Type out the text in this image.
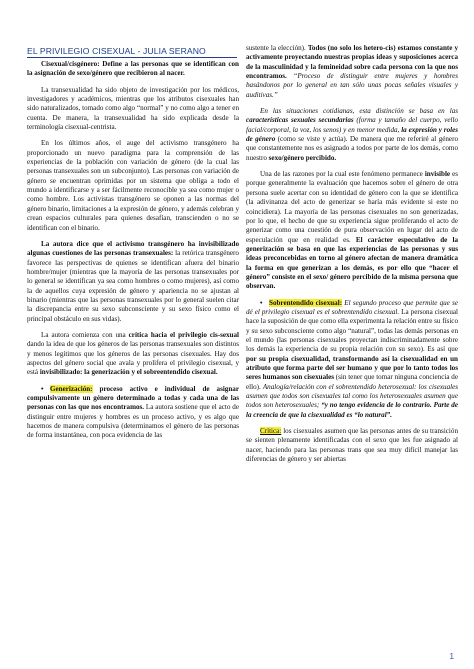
EL PRIVILEGIO CISEXUAL - JULIA SERANO

Cisexual/cisgénero: Define a las personas que se identifican con la asignación de sexo/género que recibieron al nacer.

La transexualidad ha sido objeto de investigación por los médicos, investigadores y académicos, mientras que los atributos cisexuales han sido naturalizados, tomado como algo “normal” y no como algo a tener en cuenta. De manera, la transexualidad ha sido explicada desde la terminología cisexual-centrista.

En los últimos años, el auge del activismo transgénero ha proporcionado un nuevo paradigma para la comprensión de las experiencias de la población con variación de género (de la cual las personas transexuales son un subconjunto). Las personas con variación de género se encuentran oprimidas por un sistema que obliga a todo el mundo a identificarse y a ser fácilmente reconocible ya sea como mujer o como hombre. Los activistas transgénero se oponen a las normas del género binario, limitaciones a la expresión de género, y además celebran y crean espacios culturales para quienes desafían, transcienden o no se identifican con el binario.

La autora dice que el activismo transgénero ha invisibilizado algunas cuestiones de las personas transexuales: la retórica transgénero favorece las perspectivas de quienes se identifican afuera del binario hombre/mujer (mientras que la mayoría de las personas transexuales por lo general se identifican ya sea como hombres o como mujeres), así como la de aquellos cuya expresión de género y apariencia no se ajustan al binario (mientras que las personas transexuales por lo general suelen citar la discrepancia entre su sexo subconsciente y su sexo físico como el principal obstáculo en sus vidas).

La autora comienza con una crítica hacia el privilegio cis-sexual dando la idea de que los géneros de las personas transexuales son distintos y menos legítimos que los géneros de las personas cisexuales. Hay dos aspectos del género social que avala y prolifera el privilegio cisexual, y está invisibilizado: la generización y el sobreentendido cisexual.

• Generización: proceso activo e individual de asignar compulsivamente un género determinado a todas y cada una de las personas con las que nos encontramos. La autora sostiene que el acto de distinguir entre mujeres y hombres es un proceso activo, y es algo que hacemos de manera compulsiva (determinamos el género de las personas de forma instantánea, con poca evidencia de las

sustente la elección). Todos (no solo los hetero-cis) estamos constante y activamente proyectando nuestras propias ideas y suposiciones acerca de la masculinidad y la femineidad sobre cada persona con la que nos encontramos. “Proceso de distinguir entre mujeres y hombres basándonos por lo general en tan sólo unas pocas señales visuales y auditivas.”

En las situaciones cotidianas, esta distinción se basa en las características sexuales secundarias (forma y tamaño del cuerpo, vello facial/corporal, la voz, los senos) y en menor medida, la expresión y roles de género (como se viste y actúa). De manera que me referiré al género que constantemente nos es asignado a todos por parte de los demás, como nuestro sexo/género percibido.

Una de las razones por la cual este fenómeno permanece invisible es porque generalmente la evaluación que hacemos sobre el género de otra persona suele acertar con su identidad de género con la que se identifica (la adivinanza del acto de generizar se haría más evidente si este no coincidiera). La mayoría de las personas cisexuales no son generizadas, por lo que, el hecho de que su experiencia sigue proliferando el acto de generizar como una cuestión de pura observación en lugar del acto de especulación que en realidad es. El carácter especulativo de la generización se basa en que las experiencias de las personas y sus ideas preconcebidas en torno al género afectan de manera dramática la forma en que generizan a los demás, es por ello que “hacer el género” consiste en el sexo/ género percibido de la misma persona que observan.

• Sobrentendido cisexual: El segundo proceso que permite que se dé el privilegio cisexual es el sobrentendido cisexual. La persona cisexual hace la suposición de que como ella experimenta la relación entre su físico y su sexo subconsciente como algo “natural”, todas las demás personas en el mundo (las personas cisexuales proyectan indiscriminadamente sobre los demás la experiencia de su propia relación con su sexo). Es así que por su propia cisexualidad, transformando así la cisexualidad en un atributo que forma parte del ser humano y que por lo tanto todos los seres humanos son cisexuales (sin tener que tomar ninguna conciencia de ello). Analogía/relación con el sobrentendido heterosexual: los cisexuales asumen que todos son cisexuales tal como los heterosexuales asumen que todos son heterosexuales; “y no tengo evidencia de lo contrario. Parte de la creencia de que la cisexualidad es “lo natural”.

Crítica: los cisexuales asumen que las personas antes de su transición se sienten plenamente identificadas con el sexo que les fue asignado al nacer, haciendo para las personas trans que sea muy difícil manejar las diferencias de género y ser abiertas

1
